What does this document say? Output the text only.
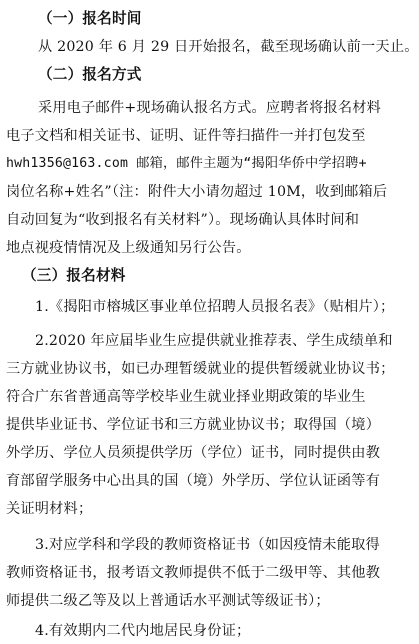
（一）报名时间
从 2020 年 6 月 29 日开始报名，截至现场确认前一天止。
（二）报名方式
采用电子邮件+现场确认报名方式。应聘者将报名材料
电子文档和相关证书、证明、证件等扫描件一并打包发至
hwh1356@163.com 邮箱，邮件主题为“揭阳华侨中学招聘+
岗位名称+姓名”（注：附件大小请勿超过 10M，收到邮箱后
自动回复为“收到报名有关材料”）。现场确认具体时间和
地点视疫情情况及上级通知另行公告。
（三）报名材料
1.《揭阳市榕城区事业单位招聘人员报名表》（贴相片）；
2.2020 年应届毕业生应提供就业推荐表、学生成绩单和
三方就业协议书，如已办理暂缓就业的提供暂缓就业协议书；
符合广东省普通高等学校毕业生就业择业期政策的毕业生
提供毕业证书、学位证书和三方就业协议书；取得国（境）
外学历、学位人员须提供学历（学位）证书，同时提供由教
育部留学服务中心出具的国（境）外学历、学位认证函等有
关证明材料；
3.对应学科和学段的教师资格证书（如因疫情未能取得
教师资格证书，报考语文教师提供不低于二级甲等、其他教
师提供二级乙等及以上普通话水平测试等级证书）；
4.有效期内二代内地居民身份证；
